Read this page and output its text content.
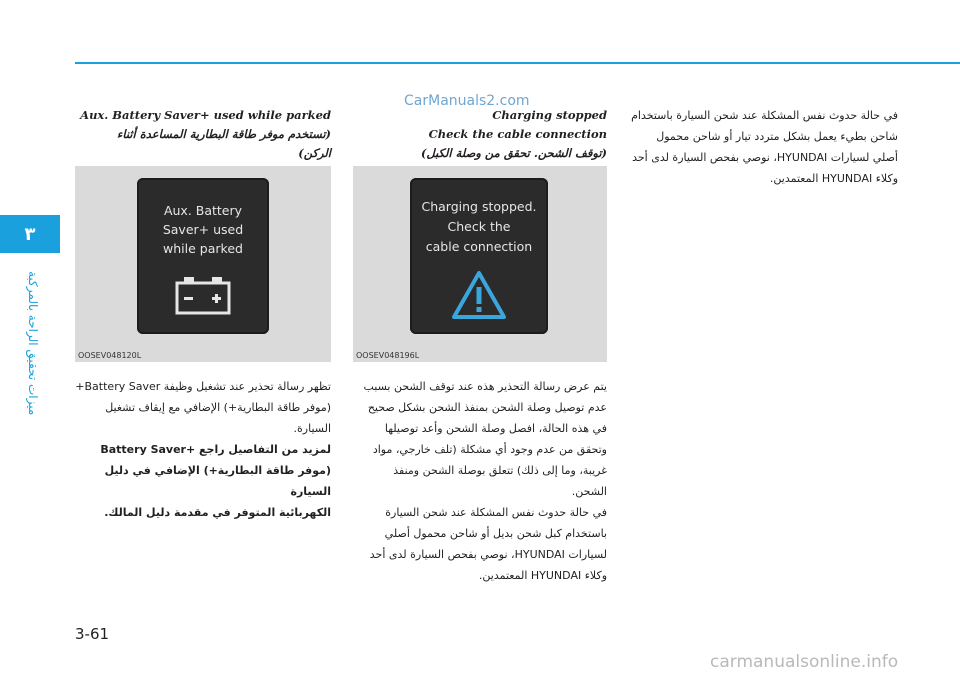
٣
ميزات تحقيق الراحة بالمركبة
CarManuals2.com

في حالة حدوث نفس المشكلة عند شحن السيارة باستخدام شاحن بطيء يعمل بشكل متردد تيار أو شاحن محمول أصلي لسيارات HYUNDAI، نوصي بفحص السيارة لدى أحد وكلاء HYUNDAI المعتمدين.

Charging stopped
Check the cable connection
(توقف الشحن. تحقق من وصلة الكبل)
Charging stopped.
Check the
cable connection
OOSEV048196L

يتم عرض رسالة التحذير هذه عند توقف الشحن بسبب عدم توصيل وصلة الشحن بمنفذ الشحن بشكل صحيح

في هذه الحالة، افصل وصلة الشحن وأعد توصيلها وتحقق من عدم وجود أي مشكلة (تلف خارجي، مواد غريبة، وما إلى ذلك) تتعلق بوصلة الشحن ومنفذ الشحن.

في حالة حدوث نفس المشكلة عند شحن السيارة باستخدام كبل شحن بديل أو شاحن محمول أصلي لسيارات HYUNDAI، نوصي بفحص السيارة لدى أحد وكلاء HYUNDAI المعتمدين.

Aux. Battery Saver+ used while parked
(تستخدم موفر طاقة البطارية المساعدة أثناء
الركن)
Aux. Battery
Saver+ used
while parked
OOSEV048120L

تظهر رسالة تحذير عند تشغيل وظيفة Battery Saver+ (موفر طاقة البطارية+) الإضافي مع إيقاف تشغيل السيارة.

لمزيد من التفاصيل راجع +Battery Saver

(موفر طاقة البطارية+) الإضافي في دليل السيارة

الكهربائية المتوفر في مقدمة دليل المالك.

3-61
carmanualsonline.info
